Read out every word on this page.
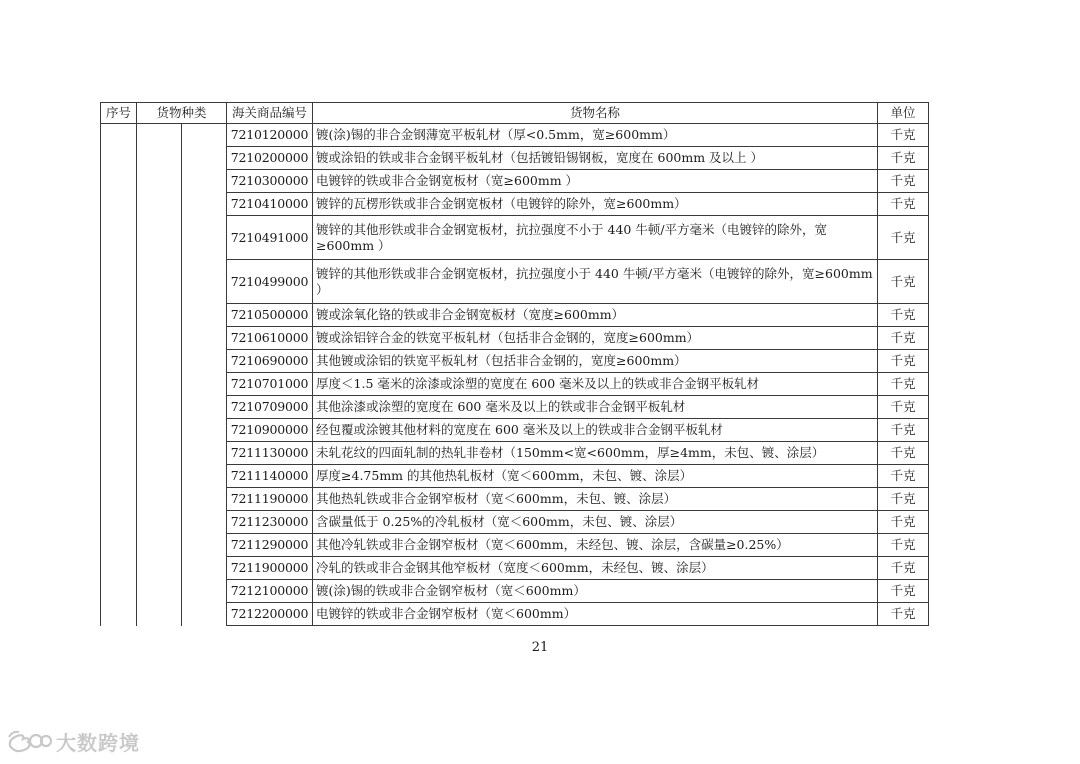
序号	货物种类		海关商品编号	货物名称	单位
			7210120000	镀(涂)锡的非合金钢薄宽平板轧材（厚<0.5mm，宽≥600mm）	千克
			7210200000	镀或涂铅的铁或非合金钢平板轧材（包括镀铅锡钢板，宽度在 600mm 及以上 ）	千克
			7210300000	电镀锌的铁或非合金钢宽板材（宽≥600mm ）	千克
			7210410000	镀锌的瓦楞形铁或非合金钢宽板材（电镀锌的除外，宽≥600mm）	千克
			7210491000	镀锌的其他形铁或非合金钢宽板材，抗拉强度不小于 440 牛顿/平方毫米（电镀锌的除外，宽≥600mm ）	千克
			7210499000	镀锌的其他形铁或非合金钢宽板材，抗拉强度小于 440 牛顿/平方毫米（电镀锌的除外，宽≥600mm ）	千克
			7210500000	镀或涂氧化铬的铁或非合金钢宽板材（宽度≥600mm）	千克
			7210610000	镀或涂铝锌合金的铁宽平板轧材（包括非合金钢的，宽度≥600mm）	千克
			7210690000	其他镀或涂铝的铁宽平板轧材（包括非合金钢的，宽度≥600mm）	千克
			7210701000	厚度＜1.5 毫米的涂漆或涂塑的宽度在 600 毫米及以上的铁或非合金钢平板轧材	千克
			7210709000	其他涂漆或涂塑的宽度在 600 毫米及以上的铁或非合金钢平板轧材	千克
			7210900000	经包覆或涂镀其他材料的宽度在 600 毫米及以上的铁或非合金钢平板轧材	千克
			7211130000	未轧花纹的四面轧制的热轧非卷材（150mm<宽<600mm，厚≥4mm，未包、镀、涂层）	千克
			7211140000	厚度≥4.75mm 的其他热轧板材（宽＜600mm，未包、镀、涂层）	千克
			7211190000	其他热轧铁或非合金钢窄板材（宽＜600mm，未包、镀、涂层）	千克
			7211230000	含碳量低于 0.25%的冷轧板材（宽＜600mm，未包、镀、涂层）	千克
			7211290000	其他冷轧铁或非合金钢窄板材（宽＜600mm，未经包、镀、涂层，含碳量≥0.25%）	千克
			7211900000	冷轧的铁或非合金钢其他窄板材（宽度＜600mm，未经包、镀、涂层）	千克
			7212100000	镀(涂)锡的铁或非合金钢窄板材（宽＜600mm）	千克
			7212200000	电镀锌的铁或非合金钢窄板材（宽＜600mm）	千克
21
大数跨境
